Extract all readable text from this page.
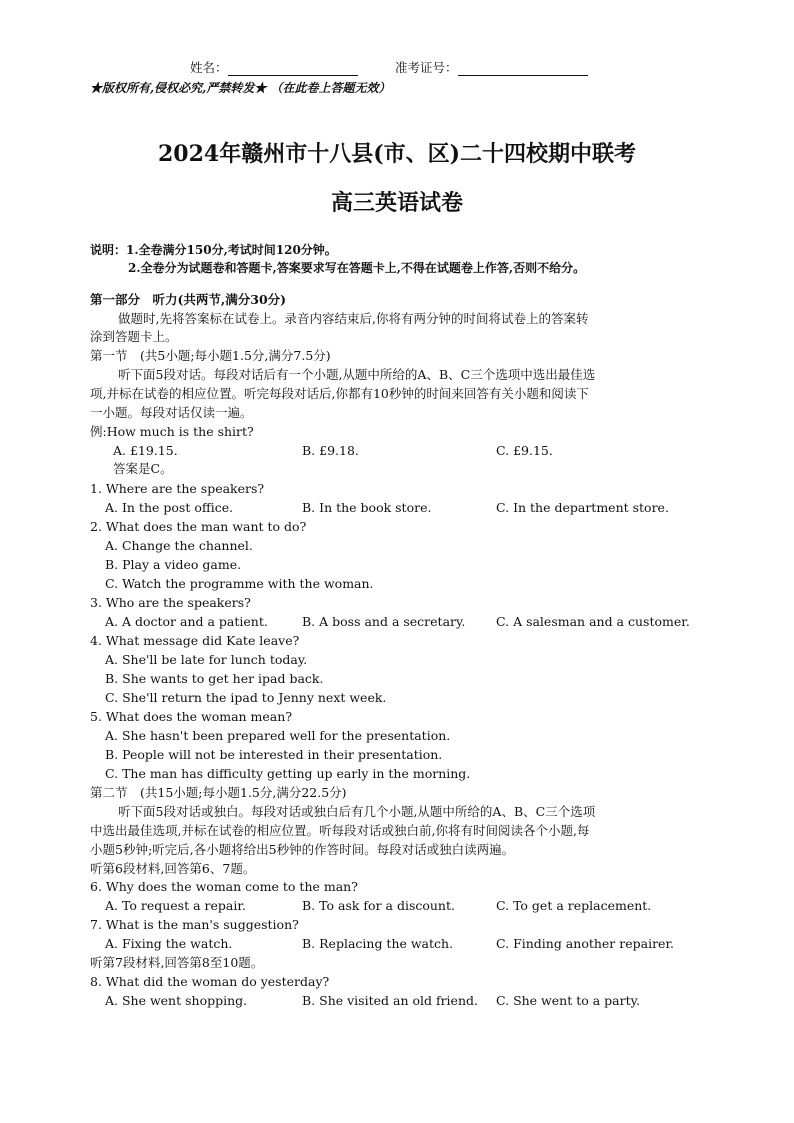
姓名：	准考证号：
★版权所有,侵权必究,严禁转发★ （在此卷上答题无效）
2024年赣州市十八县(市、区)二十四校期中联考
高三英语试卷
说明：1.全卷满分150分,考试时间120分钟。
2.全卷分为试题卷和答题卡,答案要求写在答题卡上,不得在试题卷上作答,否则不给分。
第一部分　听力(共两节,满分30分)
做题时,先将答案标在试卷上。录音内容结束后,你将有两分钟的时间将试卷上的答案转
涂到答题卡上。
第一节　(共5小题;每小题1.5分,满分7.5分)
听下面5段对话。每段对话后有一个小题,从题中所给的A、B、C三个选项中选出最佳选
项,并标在试卷的相应位置。听完每段对话后,你都有10秒钟的时间来回答有关小题和阅读下
一小题。每段对话仅读一遍。
例:How much is the shirt?
A. £19.15.	B. £9.18.	C. £9.15.
答案是C。
1. Where are the speakers?
A. In the post office.	B. In the book store.	C. In the department store.
2. What does the man want to do?
A. Change the channel.
B. Play a video game.
C. Watch the programme with the woman.
3. Who are the speakers?
A. A doctor and a patient.	B. A boss and a secretary. C. A salesman and a customer.
4. What message did Kate leave?
A. She'll be late for lunch today.
B. She wants to get her ipad back.
C. She'll return the ipad to Jenny next week.
5. What does the woman mean?
A. She hasn't been prepared well for the presentation.
B. People will not be interested in their presentation.
C. The man has difficulty getting up early in the morning.
第二节　(共15小题;每小题1.5分,满分22.5分)
听下面5段对话或独白。每段对话或独白后有几个小题,从题中所给的A、B、C三个选项
中选出最佳选项,并标在试卷的相应位置。听每段对话或独白前,你将有时间阅读各个小题,每
小题5秒钟;听完后,各小题将给出5秒钟的作答时间。每段对话或独白读两遍。
听第6段材料,回答第6、7题。
6. Why does the woman come to the man?
A. To request a repair.	B. To ask for a discount.	C. To get a replacement.
7. What is the man's suggestion?
A. Fixing the watch.	B. Replacing the watch.	C. Finding another repairer.
听第7段材料,回答第8至10题。
8. What did the woman do yesterday?
A. She went shopping.	B. She visited an old friend. C. She went to a party.
